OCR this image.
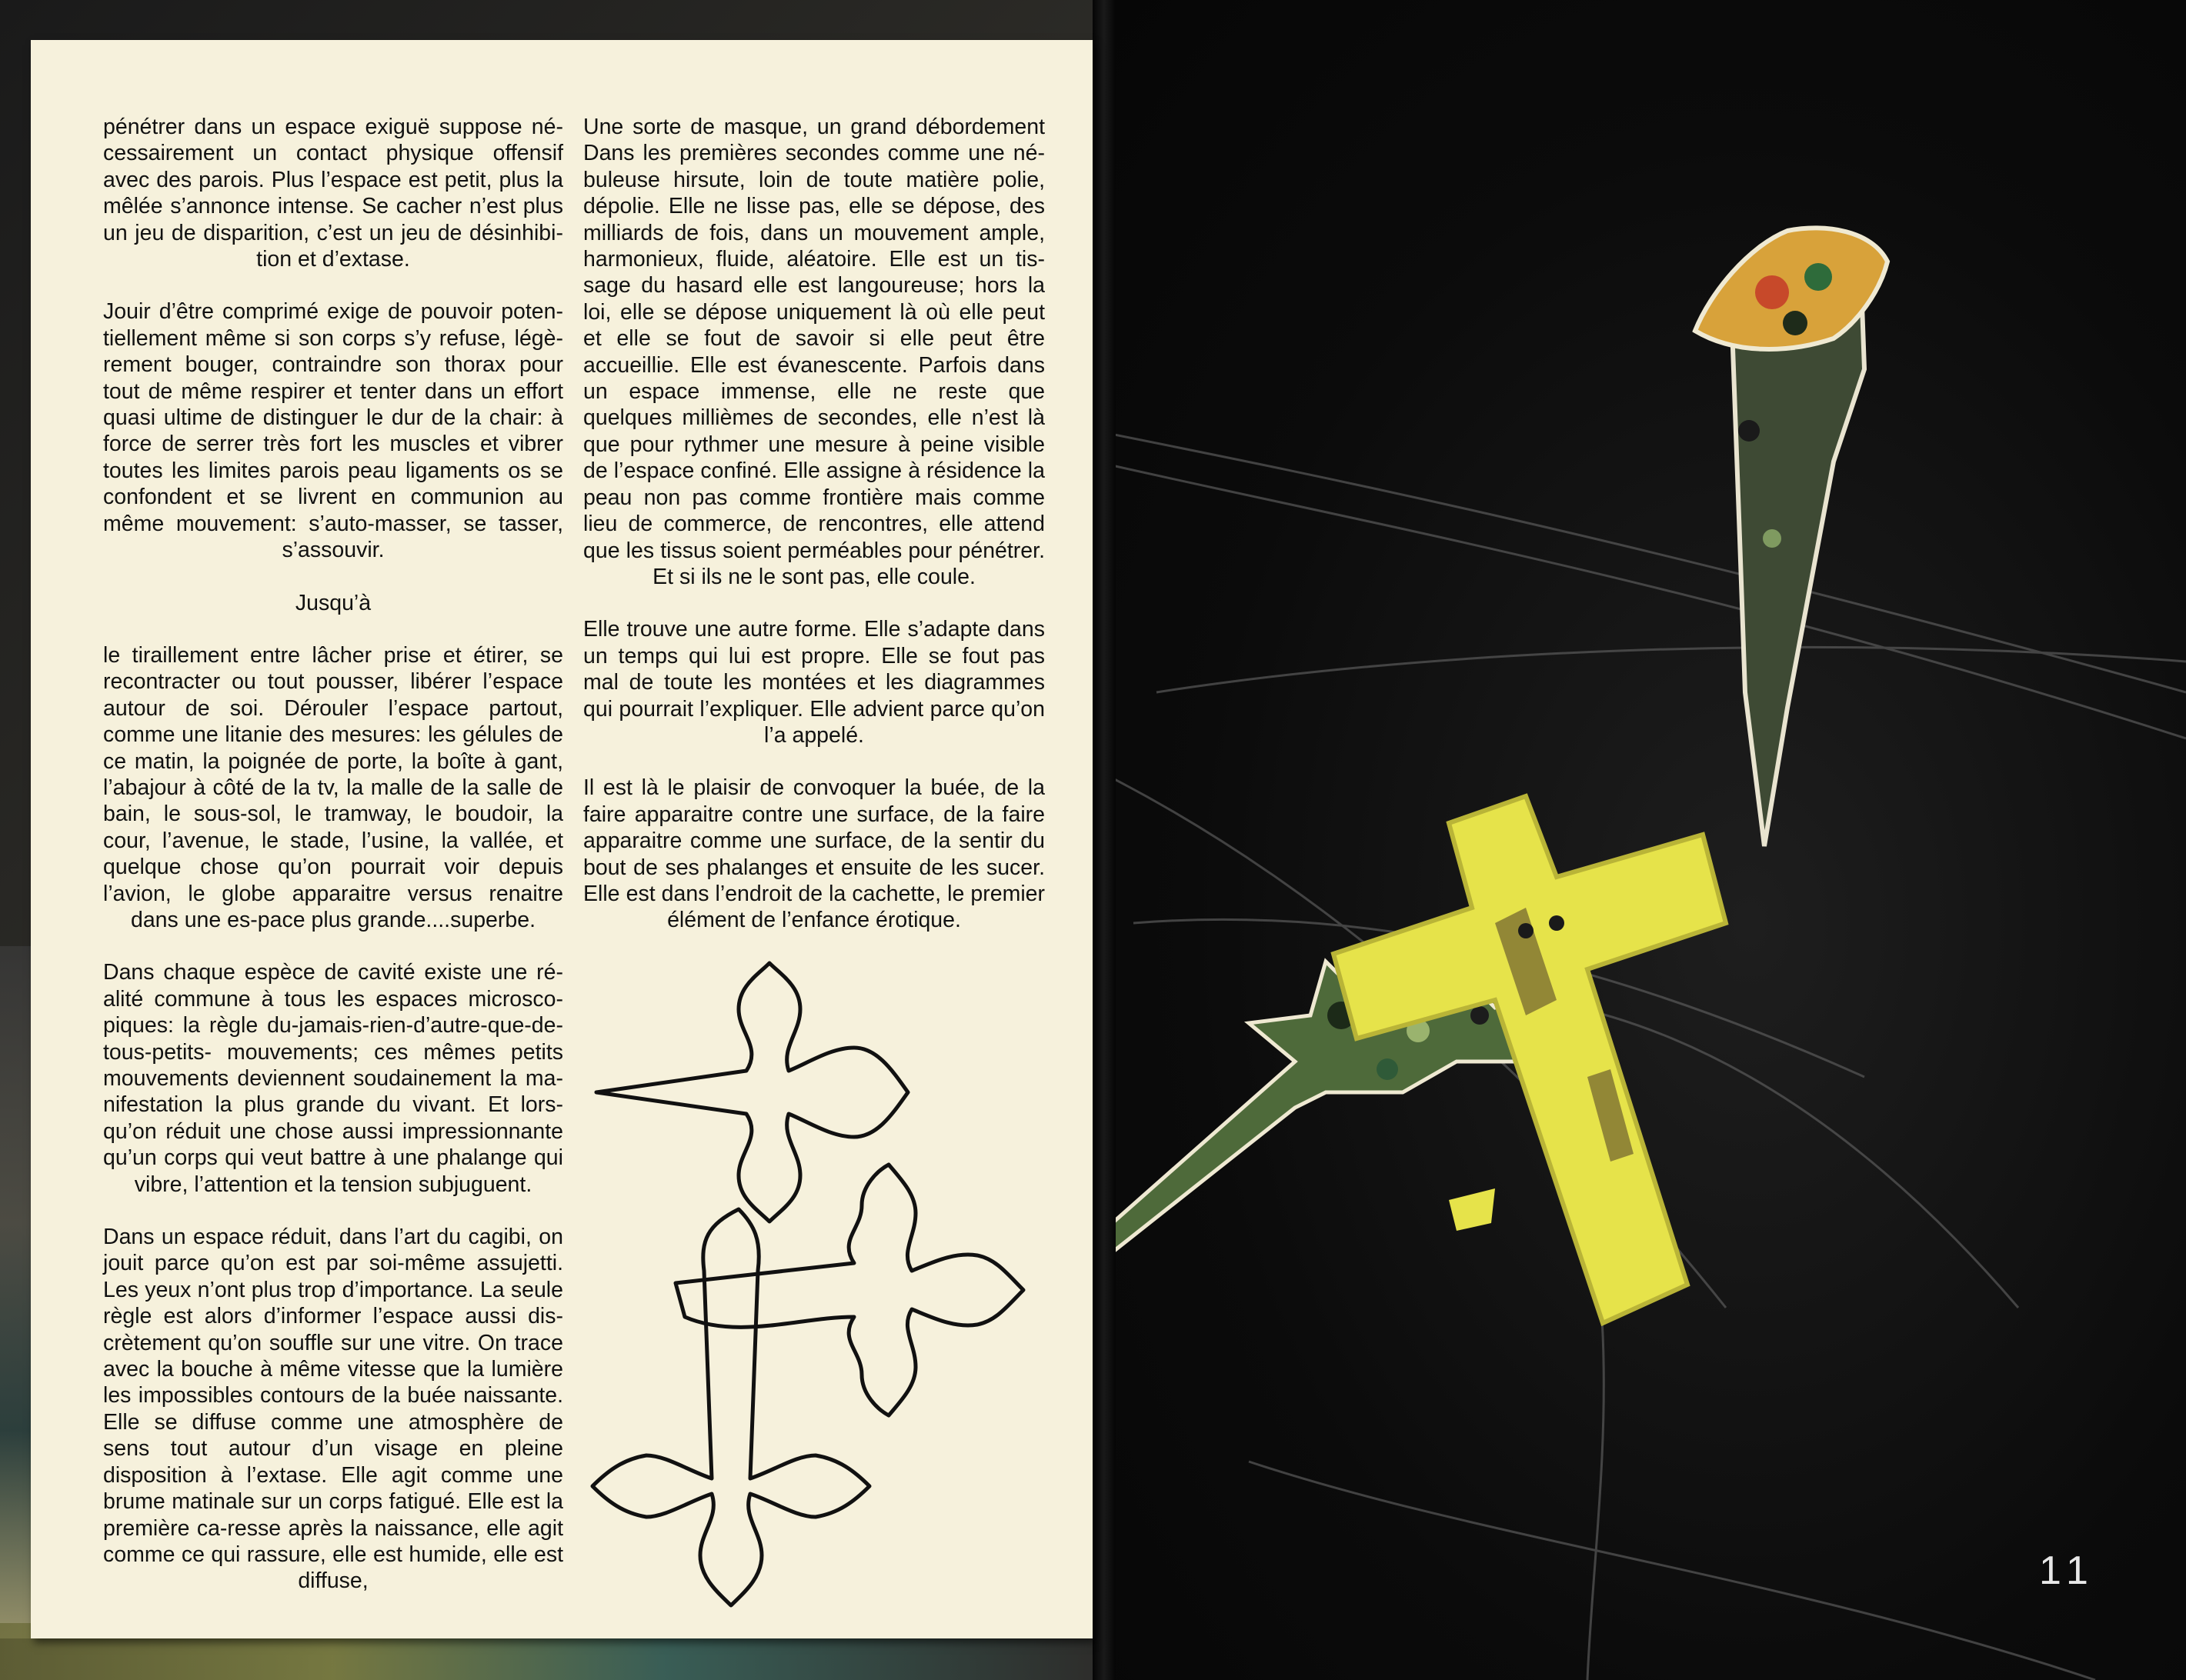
11

pénétrer dans un espace exiguë suppose né-cessairement un contact physique offensif avec des parois. Plus l’espace est petit, plus la mêlée s’annonce intense. Se cacher n’est plus un jeu de disparition, c’est un jeu de désinhibi-tion et d’extase.

Jouir d’être comprimé exige de pouvoir poten-tiellement même si son corps s’y refuse, légè-rement bouger, contraindre son thorax pour tout de même respirer et tenter dans un effort quasi ultime de distinguer le dur de la chair: à force de serrer très fort les muscles et vibrer toutes les limites parois peau ligaments os se confondent et se livrent en communion au même mouvement: s’auto-masser, se tasser, s’assouvir.

Jusqu’à

le tiraillement entre lâcher prise et étirer, se recontracter ou tout pousser, libérer l’espace autour de soi. Dérouler l’espace partout, comme une litanie des mesures: les gélules de ce matin, la poignée de porte, la boîte à gant, l’abajour à côté de la tv, la malle de la salle de bain, le sous-sol, le tramway, le boudoir, la cour, l’avenue, le stade, l’usine, la vallée, et quelque chose qu’on pourrait voir depuis l’avion, le globe apparaitre versus renaitre dans une es-pace plus grande....superbe.

Dans chaque espèce de cavité existe une ré-alité commune à tous les espaces microsco-piques: la règle du-jamais-rien-d’autre-que-de-tous-petits- mouvements; ces mêmes petits mouvements deviennent soudainement la ma-nifestation la plus grande du vivant. Et lors-qu’on réduit une chose aussi impressionnante qu’un corps qui veut battre à une phalange qui vibre, l’attention et la tension subjuguent.

Dans un espace réduit, dans l’art du cagibi, on jouit parce qu’on est par soi-même assujetti. Les yeux n’ont plus trop d’importance. La seule règle est alors d’informer l’espace aussi dis-crètement qu’on souffle sur une vitre. On trace avec la bouche à même vitesse que la lumière les impossibles contours de la buée naissante. Elle se diffuse comme une atmosphère de sens tout autour d’un visage en pleine disposition à l’extase. Elle agit comme une brume matinale sur un corps fatigué. Elle est la première ca-resse après la naissance, elle agit comme ce qui rassure, elle est humide, elle est diffuse,

Une sorte de masque, un grand débordement Dans les premières secondes comme une né-buleuse hirsute, loin de toute matière polie, dépolie. Elle ne lisse pas, elle se dépose, des milliards de fois, dans un mouvement ample, harmonieux, fluide, aléatoire. Elle est un tis-sage du hasard elle est langoureuse; hors la loi, elle se dépose uniquement là où elle peut et elle se fout de savoir si elle peut être accueillie. Elle est évanescente. Parfois dans un espace immense, elle ne reste que quelques millièmes de secondes, elle n’est là que pour rythmer une mesure à peine visible de l’espace confiné. Elle assigne à résidence la peau non pas comme frontière mais comme lieu de commerce, de rencontres, elle attend que les tissus soient perméables pour pénétrer. Et si ils ne le sont pas, elle coule.

Elle trouve une autre forme. Elle s’adapte dans un temps qui lui est propre. Elle se fout pas mal de toute les montées et les diagrammes qui pourrait l’expliquer. Elle advient parce qu’on l’a appelé.

Il est là le plaisir de convoquer la buée, de la faire apparaitre contre une surface, de la faire apparaitre comme une surface, de la sentir du bout de ses phalanges et ensuite de les sucer. Elle est dans l’endroit de la cachette, le premier élément de l’enfance érotique.
